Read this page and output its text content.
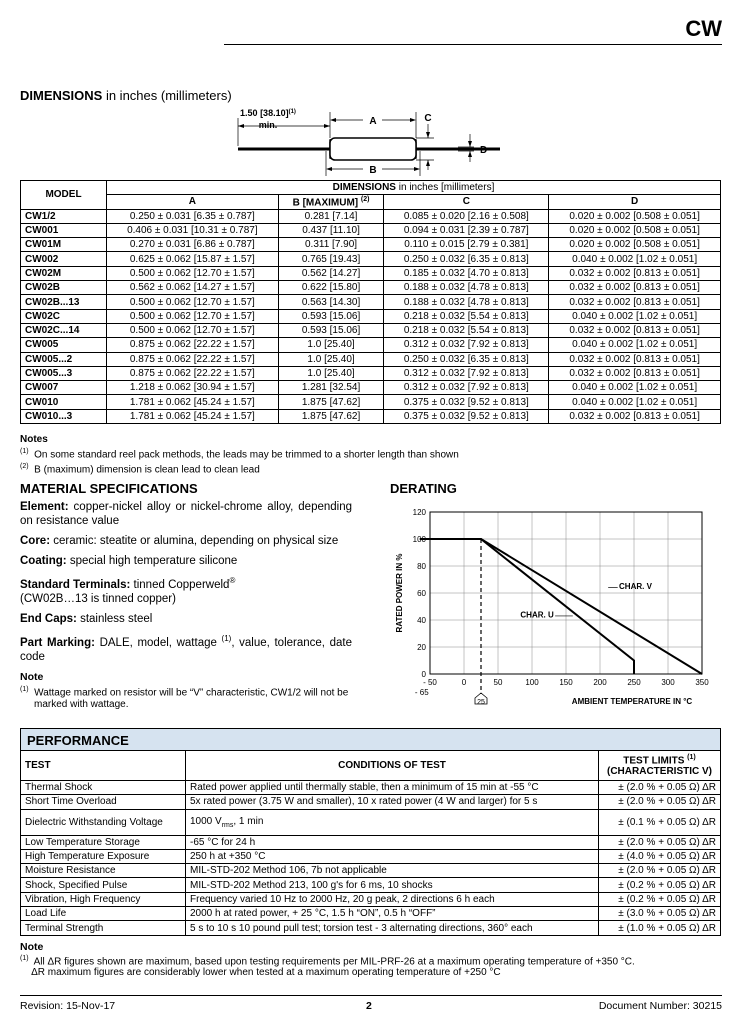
CW
DIMENSIONS in inches (millimeters)
A
1.50 $[38.10]^{(1)}$
min.
B
C
D
MODEL	DIMENSIONS in inches [millimeters]			
	A	B [MAXIMUM] $^{(2)}$	C	D
CW1/2	0.250 ± 0.031 [6.35 ± 0.787]	0.281 [7.14]	0.085 ± 0.020 [2.16 ± 0.508]	0.020 ± 0.002 [0.508 ± 0.051]
CW001	0.406 ± 0.031 [10.31 ± 0.787]	0.437 [11.10]	0.094 ± 0.031 [2.39 ± 0.787]	0.020 ± 0.002 [0.508 ± 0.051]
CW01M	0.270 ± 0.031 [6.86 ± 0.787]	0.311 [7.90]	0.110 ± 0.015 [2.79 ± 0.381]	0.020 ± 0.002 [0.508 ± 0.051]
CW002	0.625 ± 0.062 [15.87 ± 1.57]	0.765 [19.43]	0.250 ± 0.032 [6.35 ± 0.813]	0.040 ± 0.002 [1.02 ± 0.051]
CW02M	0.500 ± 0.062 [12.70 ± 1.57]	0.562 [14.27]	0.185 ± 0.032 [4.70 ± 0.813]	0.032 ± 0.002 [0.813 ± 0.051]
CW02B	0.562 ± 0.062 [14.27 ± 1.57]	0.622 [15.80]	0.188 ± 0.032 [4.78 ± 0.813]	0.032 ± 0.002 [0.813 ± 0.051]
CW02B...13	0.500 ± 0.062 [12.70 ± 1.57]	0.563 [14.30]	0.188 ± 0.032 [4.78 ± 0.813]	0.032 ± 0.002 [0.813 ± 0.051]
CW02C	0.500 ± 0.062 [12.70 ± 1.57]	0.593 [15.06]	0.218 ± 0.032 [5.54 ± 0.813]	0.040 ± 0.002 [1.02 ± 0.051]
CW02C...14	0.500 ± 0.062 [12.70 ± 1.57]	0.593 [15.06]	0.218 ± 0.032 [5.54 ± 0.813]	0.032 ± 0.002 [0.813 ± 0.051]
CW005	0.875 ± 0.062 [22.22 ± 1.57]	1.0 [25.40]	0.312 ± 0.032 [7.92 ± 0.813]	0.040 ± 0.002 [1.02 ± 0.051]
CW005...2	0.875 ± 0.062 [22.22 ± 1.57]	1.0 [25.40]	0.250 ± 0.032 [6.35 ± 0.813]	0.032 ± 0.002 [0.813 ± 0.051]
CW005...3	0.875 ± 0.062 [22.22 ± 1.57]	1.0 [25.40]	0.312 ± 0.032 [7.92 ± 0.813]	0.032 ± 0.002 [0.813 ± 0.051]
CW007	1.218 ± 0.062 [30.94 ± 1.57]	1.281 [32.54]	0.312 ± 0.032 [7.92 ± 0.813]	0.040 ± 0.002 [1.02 ± 0.051]
CW010	1.781 ± 0.062 [45.24 ± 1.57]	1.875 [47.62]	0.375 ± 0.032 [9.52 ± 0.813]	0.040 ± 0.002 [1.02 ± 0.051]
CW010...3	1.781 ± 0.062 [45.24 ± 1.57]	1.875 [47.62]	0.375 ± 0.032 [9.52 ± 0.813]	0.032 ± 0.002 [0.813 ± 0.051]
Notes
$^{(1)}$ On some standard reel pack methods, the leads may be trimmed to a shorter length than shown
$^{(2)}$ B (maximum) dimension is clean lead to clean lead
MATERIAL SPECIFICATIONS

Element: copper-nickel alloy or nickel-chrome alloy, depending on resistance value

Core: ceramic: steatite or alumina, depending on physical size

Coating: special high temperature silicone

Standard Terminals: tinned Copperweld®
(CW02B…13 is tinned copper)

End Caps: stainless steel

Part Marking: DALE, model, wattage $^{(1)}$, value, tolerance, date code

Note
$^{(1)}$ Wattage marked on resistor will be “V” characteristic, CW1/2 will not be marked with wattage.
DERATING
0
20
40
60
80
100
120
- 50	0	50	100	150	200	250	300	350
- 65
25
CHAR. V
CHAR. U
RATED POWER IN %
AMBIENT TEMPERATURE IN °C
PERFORMANCE
TEST	CONDITIONS OF TEST	TEST LIMITS $^{(1)}$
(CHARACTERISTIC V)
Thermal Shock	Rated power applied until thermally stable, then a minimum of 15 min at -55 °C	± (2.0 % + 0.05 Ω) ΔR
Short Time Overload	5x rated power (3.75 W and smaller), 10 x rated power (4 W and larger) for 5 s	± (2.0 % + 0.05 Ω) ΔR
Dielectric Withstanding Voltage	1000 $V_{rms}$, 1 min	± (0.1 % + 0.05 Ω) ΔR
Low Temperature Storage	-65 °C for 24 h	± (2.0 % + 0.05 Ω) ΔR
High Temperature Exposure	250 h at +350 °C	± (4.0 % + 0.05 Ω) ΔR
Moisture Resistance	MIL-STD-202 Method 106, 7b not applicable	± (2.0 % + 0.05 Ω) ΔR
Shock, Specified Pulse	MIL-STD-202 Method 213, 100 g's for 6 ms, 10 shocks	± (0.2 % + 0.05 Ω) ΔR
Vibration, High Frequency	Frequency varied 10 Hz to 2000 Hz, 20 g peak, 2 directions 6 h each	± (0.2 % + 0.05 Ω) ΔR
Load Life	2000 h at rated power, + 25 °C, 1.5 h “ON”, 0.5 h “OFF”	± (3.0 % + 0.05 Ω) ΔR
Terminal Strength	5 s to 10 s 10 pound pull test; torsion test - 3 alternating directions, 360° each	± (1.0 % + 0.05 Ω) ΔR
Note
$^{(1)}$ All ΔR figures shown are maximum, based upon testing requirements per MIL-PRF-26 at a maximum operating temperature of +350 °C.
ΔR maximum figures are considerably lower when tested at a maximum operating temperature of +250 °C
Revision: 15-Nov-17	2	Document Number: 30215
